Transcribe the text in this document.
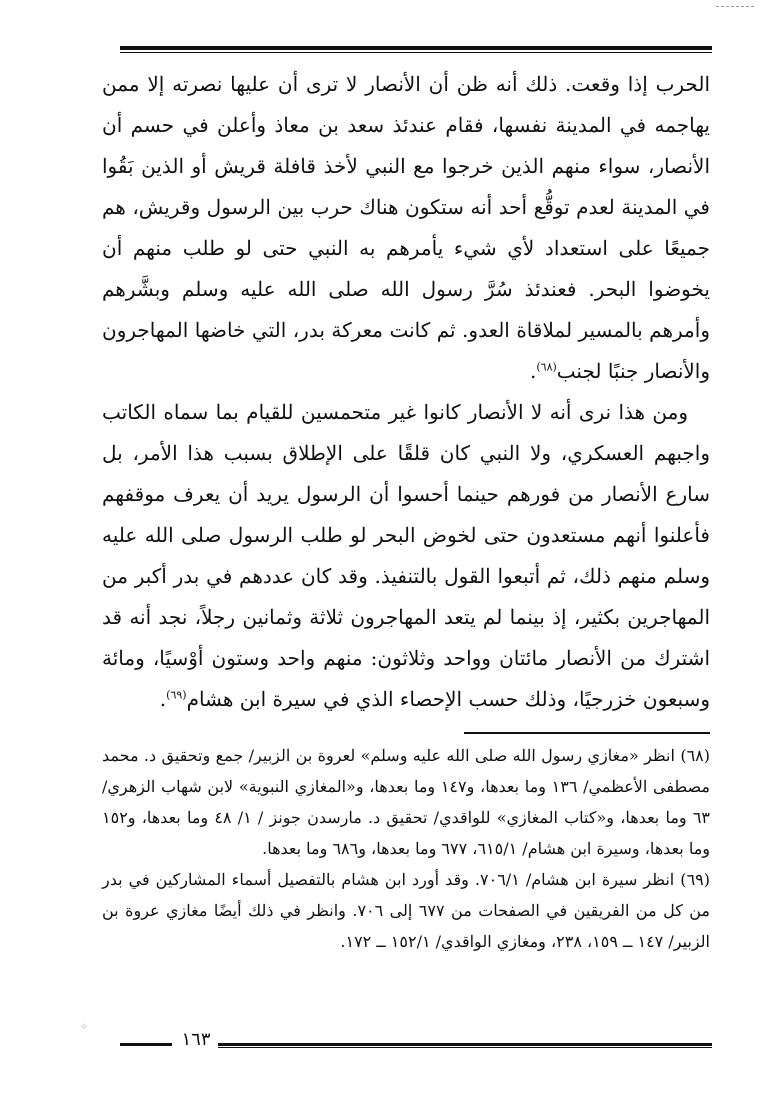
الحرب إذا وقعت. ذلك أنه ظن أن الأنصار لا ترى أن عليها نصرته إلا ممن يهاجمه في المدينة نفسها، فقام عندئذ سعد بن معاذ وأعلن في حسم أن الأنصار، سواء منهم الذين خرجوا مع النبي لأخذ قافلة قريش أو الذين بَقُوا في المدينة لعدم توقُّع أحد أنه ستكون هناك حرب بين الرسول وقريش، هم جميعًا على استعداد لأي شيء يأمرهم به النبي حتى لو طلب منهم أن يخوضوا البحر. فعندئذ سُرَّ رسول الله صلى الله عليه وسلم وبشَّرهم وأمرهم بالمسير لملاقاة العدو. ثم كانت معركة بدر، التي خاضها المهاجرون والأنصار جنبًا لجنب$^{(٦٨)}$.

ومن هذا نرى أنه لا الأنصار كانوا غير متحمسين للقيام بما سماه الكاتب واجبهم العسكري، ولا النبي كان قلقًا على الإطلاق بسبب هذا الأمر، بل سارع الأنصار من فورهم حينما أحسوا أن الرسول يريد أن يعرف موقفهم فأعلنوا أنهم مستعدون حتى لخوض البحر لو طلب الرسول صلى الله عليه وسلم منهم ذلك، ثم أتبعوا القول بالتنفيذ. وقد كان عددهم في بدر أكبر من المهاجرين بكثير، إذ بينما لم يتعد المهاجرون ثلاثة وثمانين رجلاً، نجد أنه قد اشترك من الأنصار مائتان وواحد وثلاثون: منهم واحد وستون أوْسيًا، ومائة وسبعون خزرجيًا، وذلك حسب الإحصاء الذي في سيرة ابن هشام$^{(٦٩)}$.

(٦٨) انظر «مغازي رسول الله صلى الله عليه وسلم» لعروة بن الزبير/ جمع وتحقيق د. محمد مصطفى الأعظمي/ ١٣٦ وما بعدها، و١٤٧ وما بعدها، و«المغازي النبوية» لابن شهاب الزهري/ ٦٣ وما بعدها، و«كتاب المغازي» للواقدي/ تحقيق د. مارسدن جونز / ١/ ٤٨ وما بعدها، و١٥٢ وما بعدها، وسيرة ابن هشام/ ٦١٥/١، ٦٧٧ وما بعدها، و٦٨٦ وما بعدها.

(٦٩) انظر سيرة ابن هشام/ ٧٠٦/١. وقد أورد ابن هشام بالتفصيل أسماء المشاركين في بدر من كل من الفريقين في الصفحات من ٦٧٧ إلى ٧٠٦. وانظر في ذلك أيضًا مغازي عروة بن الزبير/ ١٤٧ ــ ١٥٩، ٢٣٨، ومغازي الواقدي/ ١٥٢/١ ــ ١٧٢.

✧
١٦٣
